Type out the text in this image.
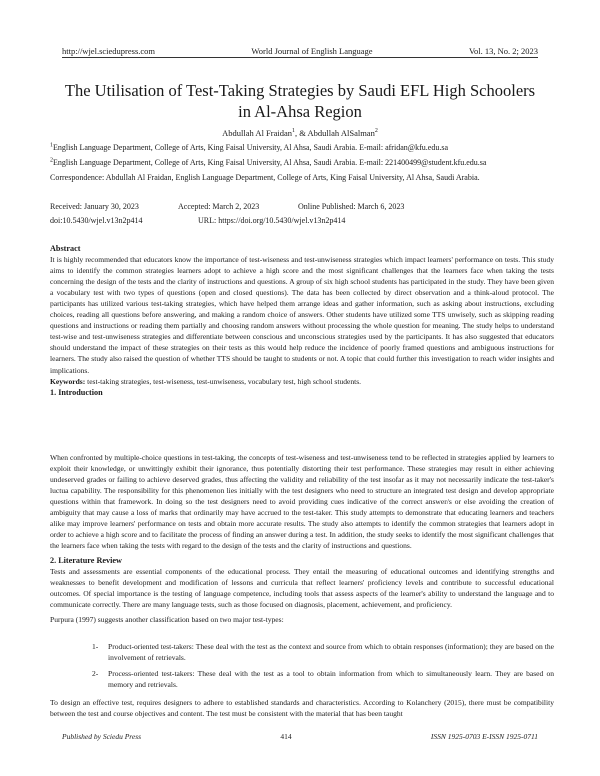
http://wjel.sciedupress.com	World Journal of English Language	Vol. 13, No. 2; 2023
The Utilisation of Test-Taking Strategies by Saudi EFL High Schoolers in Al-Ahsa Region
Abdullah Al Fraidan$^1$, & Abdullah AlSalman$^2$
$^1$English Language Department, College of Arts, King Faisal University, Al Ahsa, Saudi Arabia. E-mail: afridan@kfu.edu.sa
$^2$English Language Department, College of Arts, King Faisal University, Al Ahsa, Saudi Arabia. E-mail: 221400499@student.kfu.edu.sa
Correspondence: Abdullah Al Fraidan, English Language Department, College of Arts, King Faisal University, Al Ahsa, Saudi Arabia.
Received: January 30, 2023	Accepted: March 2, 2023	Online Published: March 6, 2023
doi:10.5430/wjel.v13n2p414	URL: https://doi.org/10.5430/wjel.v13n2p414
Abstract

It is highly recommended that educators know the importance of test-wiseness and test-unwiseness strategies which impact learners' performance on tests. This study aims to identify the common strategies learners adopt to achieve a high score and the most significant challenges that the learners face when taking the tests concerning the design of the tests and the clarity of instructions and questions. A group of six high school students has participated in the study. They have been given a vocabulary test with two types of questions (open and closed questions). The data has been collected by direct observation and a think-aloud protocol. The participants has utilized various test-taking strategies, which have helped them arrange ideas and gather information, such as asking about instructions, excluding choices, reading all questions before answering, and making a random choice of answers. Other students have utilized some TTS unwisely, such as skipping reading questions and instructions or reading them partially and choosing random answers without processing the whole question for meaning. The study helps to understand test-wise and test-unwiseness strategies and differentiate between conscious and unconscious strategies used by the participants. It has also suggested that educators should understand the impact of these strategies on their tests as this would help reduce the incidence of poorly framed questions and ambiguous instructions for learners. The study also raised the question of whether TTS should be taught to students or not. A topic that could further this investigation to reach wider insights and implications.

Keywords: test-taking strategies, test-wiseness, test-unwiseness, vocabulary test, high school students.

1. Introduction

When confronted by multiple-choice questions in test-taking, the concepts of test-wiseness and test-unwiseness tend to be reflected in strategies applied by learners to exploit their knowledge, or unwittingly exhibit their ignorance, thus potentially distorting their test performance. These strategies may result in either achieving undeserved grades or failing to achieve deserved grades, thus affecting the validity and reliability of the test insofar as it may not necessarily indicate the test-taker's luctua capability. The responsibility for this phenomenon lies initially with the test designers who need to structure an integrated test design and develop appropriate questions within that framework. In doing so the test designers need to avoid providing cues indicative of the correct answer/s or else avoiding the creation of ambiguity that may cause a loss of marks that ordinarily may have accrued to the test-taker. This study attempts to demonstrate that educating learners and teachers alike may improve learners' performance on tests and obtain more accurate results. The study also attempts to identify the common strategies that learners adopt in order to achieve a high score and to facilitate the process of finding an answer during a test. In addition, the study seeks to identify the most significant challenges that the learners face when taking the tests with regard to the design of the tests and the clarity of instructions and questions.

2. Literature Review

Tests and assessments are essential components of the educational process. They entail the measuring of educational outcomes and identifying strengths and weaknesses to benefit development and modification of lessons and curricula that reflect learners' proficiency levels and contribute to successful educational outcomes. Of special importance is the testing of language competence, including tools that assess aspects of the learner's ability to understand the language and to communicate correctly. There are many language tests, such as those focused on diagnosis, placement, achievement, and proficiency.

Purpura (1997) suggests another classification based on two major test-types:

1- Product-oriented test-takers: These deal with the test as the context and source from which to obtain responses (information); they are based on the involvement of retrievals.
2- Process-oriented test-takers: These deal with the test as a tool to obtain information from which to simultaneously learn. They are based on memory and retrievals.

To design an effective test, requires designers to adhere to established standards and characteristics. According to Kolanchery (2015), there must be compatibility between the test and course objectives and content. The test must be consistent with the material that has been taught

Published by Sciedu Press	414	ISSN 1925-0703 E-ISSN 1925-0711
